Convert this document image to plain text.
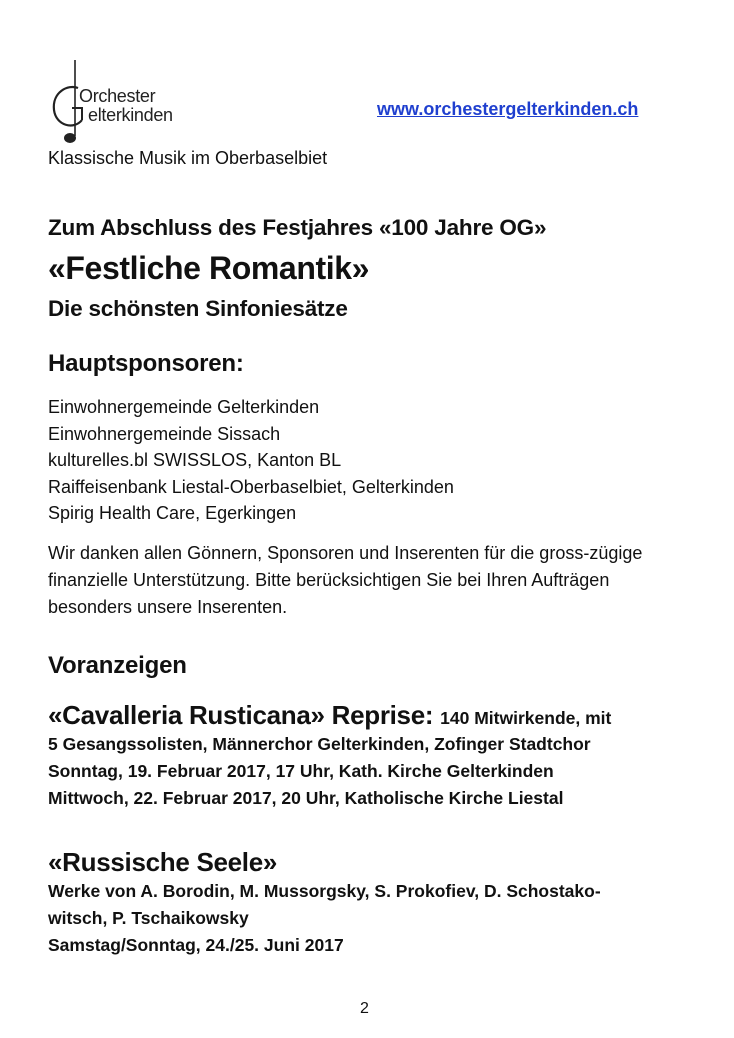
Orchester
elterkinden	www.orchestergelterkinden.ch
Klassische Musik im Oberbaselbiet
Zum Abschluss des Festjahres «100 Jahre OG»
«Festliche Romantik»
Die schönsten Sinfoniesätze
Hauptsponsoren:
Einwohnergemeinde Gelterkinden
Einwohnergemeinde Sissach
kulturelles.bl SWISSLOS, Kanton BL
Raiffeisenbank Liestal-Oberbaselbiet, Gelterkinden
Spirig Health Care, Egerkingen
Wir danken allen Gönnern, Sponsoren und Inserenten für die gross-zügige finanzielle Unterstützung. Bitte berücksichtigen Sie bei Ihren Aufträgen besonders unsere Inserenten.
Voranzeigen
«Cavalleria Rusticana» Reprise: 140 Mitwirkende, mit
5 Gesangssolisten, Männerchor Gelterkinden, Zofinger Stadtchor
Sonntag, 19. Februar 2017, 17 Uhr, Kath. Kirche Gelterkinden
Mittwoch, 22. Februar 2017, 20 Uhr, Katholische Kirche Liestal
«Russische Seele»
Werke von A. Borodin, M. Mussorgsky, S. Prokofiev, D. Schostako-
witsch, P. Tschaikowsky
Samstag/Sonntag, 24./25. Juni 2017
2
